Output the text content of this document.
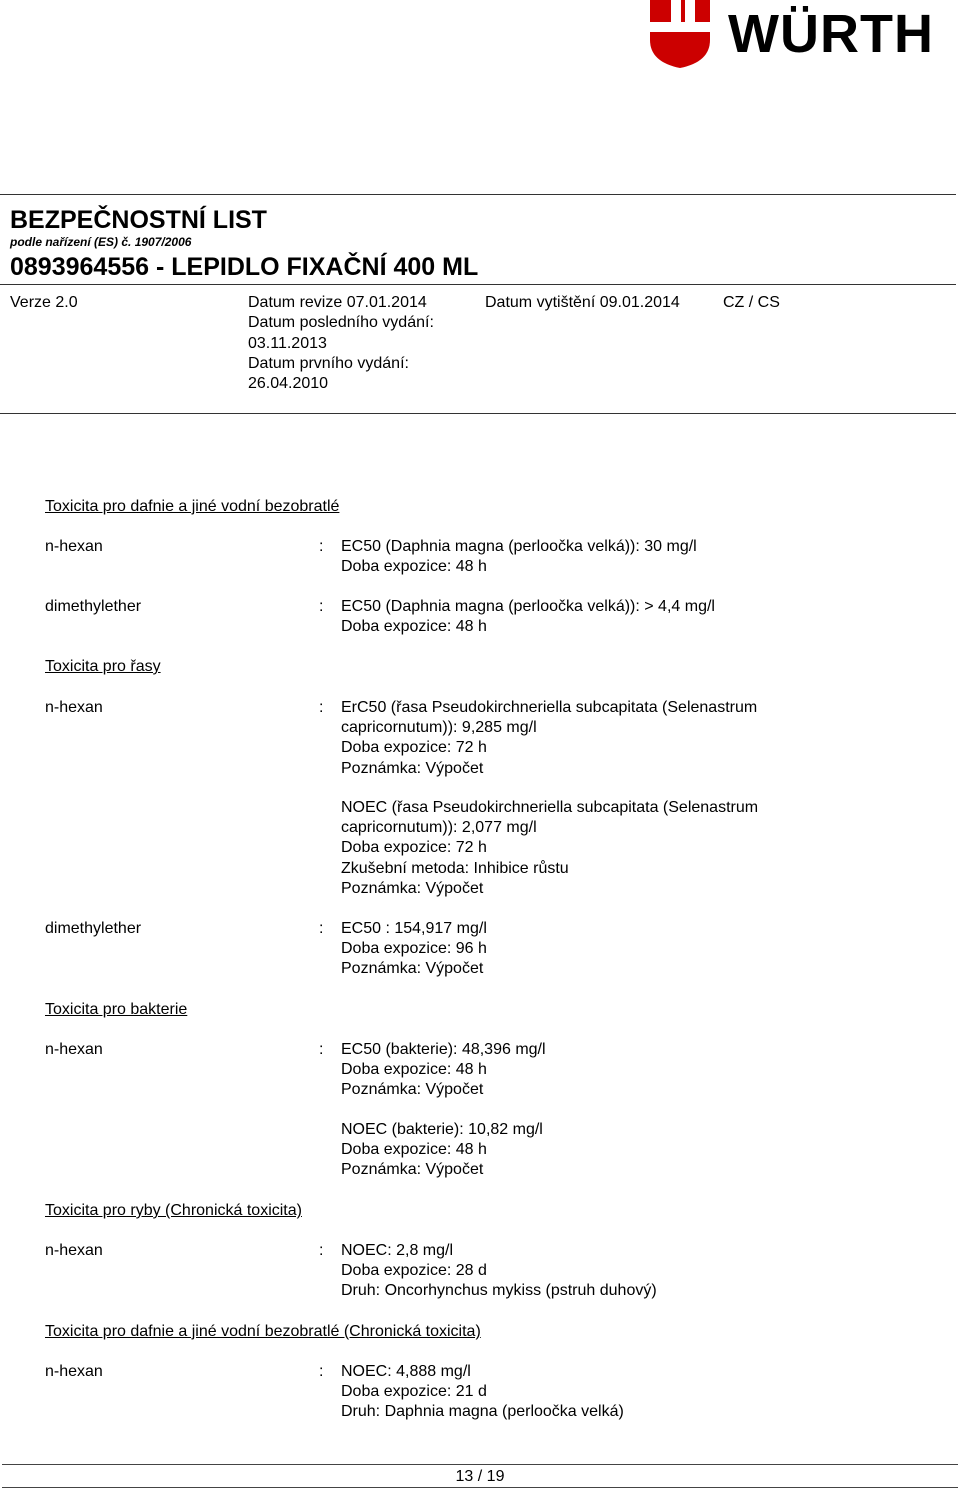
WÜRTH
BEZPEČNOSTNÍ LIST
podle nařízení (ES) č. 1907/2006
0893964556 - LEPIDLO FIXAČNÍ 400 ML
Verze 2.0	Datum revize 07.01.2014
Datum posledního vydání:
03.11.2013
Datum prvního vydání:
26.04.2010
Datum vytištění 09.01.2014	CZ / CS
Toxicita pro dafnie a jiné vodní bezobratlé
n-hexan	: EC50 (Daphnia magna (perloočka velká)): 30 mg/l
Doba expozice: 48 h
dimethylether	: EC50 (Daphnia magna (perloočka velká)): > 4,4 mg/l
Doba expozice: 48 h
Toxicita pro řasy
n-hexan	: ErC50 (řasa Pseudokirchneriella subcapitata (Selenastrum
capricornutum)): 9,285 mg/l
Doba expozice: 72 h
Poznámka: Výpočet
NOEC (řasa Pseudokirchneriella subcapitata (Selenastrum
capricornutum)): 2,077 mg/l
Doba expozice: 72 h
Zkušební metoda: Inhibice růstu
Poznámka: Výpočet
dimethylether	: EC50 : 154,917 mg/l
Doba expozice: 96 h
Poznámka: Výpočet
Toxicita pro bakterie
n-hexan	: EC50 (bakterie): 48,396 mg/l
Doba expozice: 48 h
Poznámka: Výpočet
NOEC (bakterie): 10,82 mg/l
Doba expozice: 48 h
Poznámka: Výpočet
Toxicita pro ryby (Chronická toxicita)
n-hexan	: NOEC: 2,8 mg/l
Doba expozice: 28 d
Druh: Oncorhynchus mykiss (pstruh duhový)
Toxicita pro dafnie a jiné vodní bezobratlé (Chronická toxicita)
n-hexan	: NOEC: 4,888 mg/l
Doba expozice: 21 d
Druh: Daphnia magna (perloočka velká)
13 / 19
